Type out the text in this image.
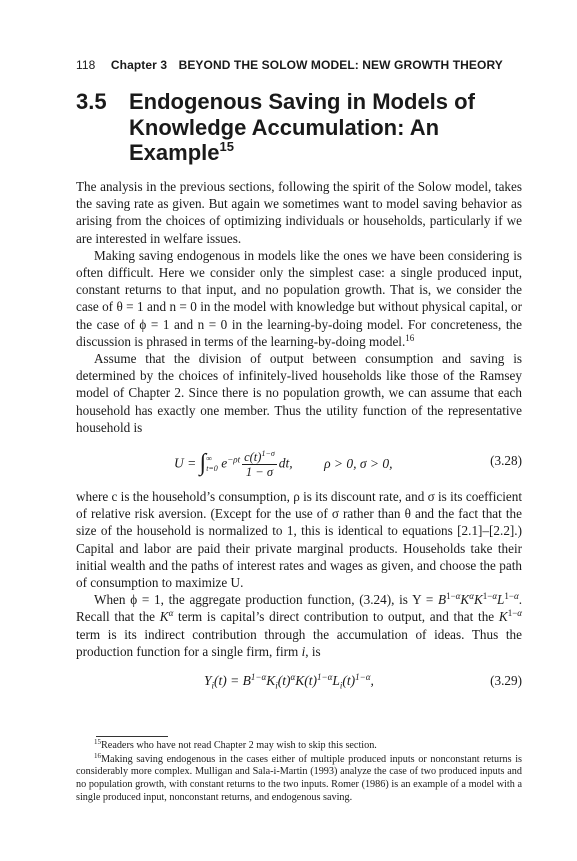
118 Chapter 3 BEYOND THE SOLOW MODEL: NEW GROWTH THEORY
3.5	Endogenous Saving in Models of Knowledge Accumulation: An Example$^{15}$

The analysis in the previous sections, following the spirit of the Solow model, takes the saving rate as given. But again we sometimes want to model saving behavior as arising from the choices of optimizing individuals or households, particularly if we are interested in welfare issues.

Making saving endogenous in models like the ones we have been considering is often difficult. Here we consider only the simplest case: a single produced input, constant returns to that input, and no population growth. That is, we consider the case of θ = 1 and n = 0 in the model with knowledge but without physical capital, or the case of ϕ = 1 and n = 0 in the learning-by-doing model. For concreteness, the discussion is phrased in terms of the learning-by-doing model.$^{16}$

Assume that the division of output between consumption and saving is determined by the choices of infinitely-lived households like those of the Ramsey model of Chapter 2. Since there is no population growth, we can assume that each household has exactly one member. Thus the utility function of the representative household is

U = ∫ ∞
t=0 $e^{-\rho t} \frac{c(t)^{1-\sigma}}{1 - \sigma}$ dt, ρ > 0, σ > 0,	(3.28)

where c is the household’s consumption, ρ is its discount rate, and σ is its coefficient of relative risk aversion. (Except for the use of σ rather than θ and the fact that the size of the household is normalized to 1, this is identical to equations [2.1]–[2.2].) Capital and labor are paid their private marginal products. Households take their initial wealth and the paths of interest rates and wages as given, and choose the path of consumption to maximize U.

When ϕ = 1, the aggregate production function, (3.24), is $Y = B^{1-\alpha}K^\alpha K^{1-\alpha}L^{1-\alpha}$. Recall that the $K^\alpha$ term is capital’s direct contribution to output, and that the $K^{1-\alpha}$ term is its indirect contribution through the accumulation of ideas. Thus the production function for a single firm, firm i, is

$Y_i(t) = B^{1-\alpha}K_i(t)^\alpha K(t)^{1-\alpha}L_i(t)^{1-\alpha}$,	(3.29)

$^{15}$Readers who have not read Chapter 2 may wish to skip this section.

$^{16}$Making saving endogenous in the cases either of multiple produced inputs or nonconstant returns is considerably more complex. Mulligan and Sala-i-Martin (1993) analyze the case of two produced inputs and no population growth, with constant returns to the two inputs. Romer (1986) is an example of a model with a single produced input, nonconstant returns, and endogenous saving.
